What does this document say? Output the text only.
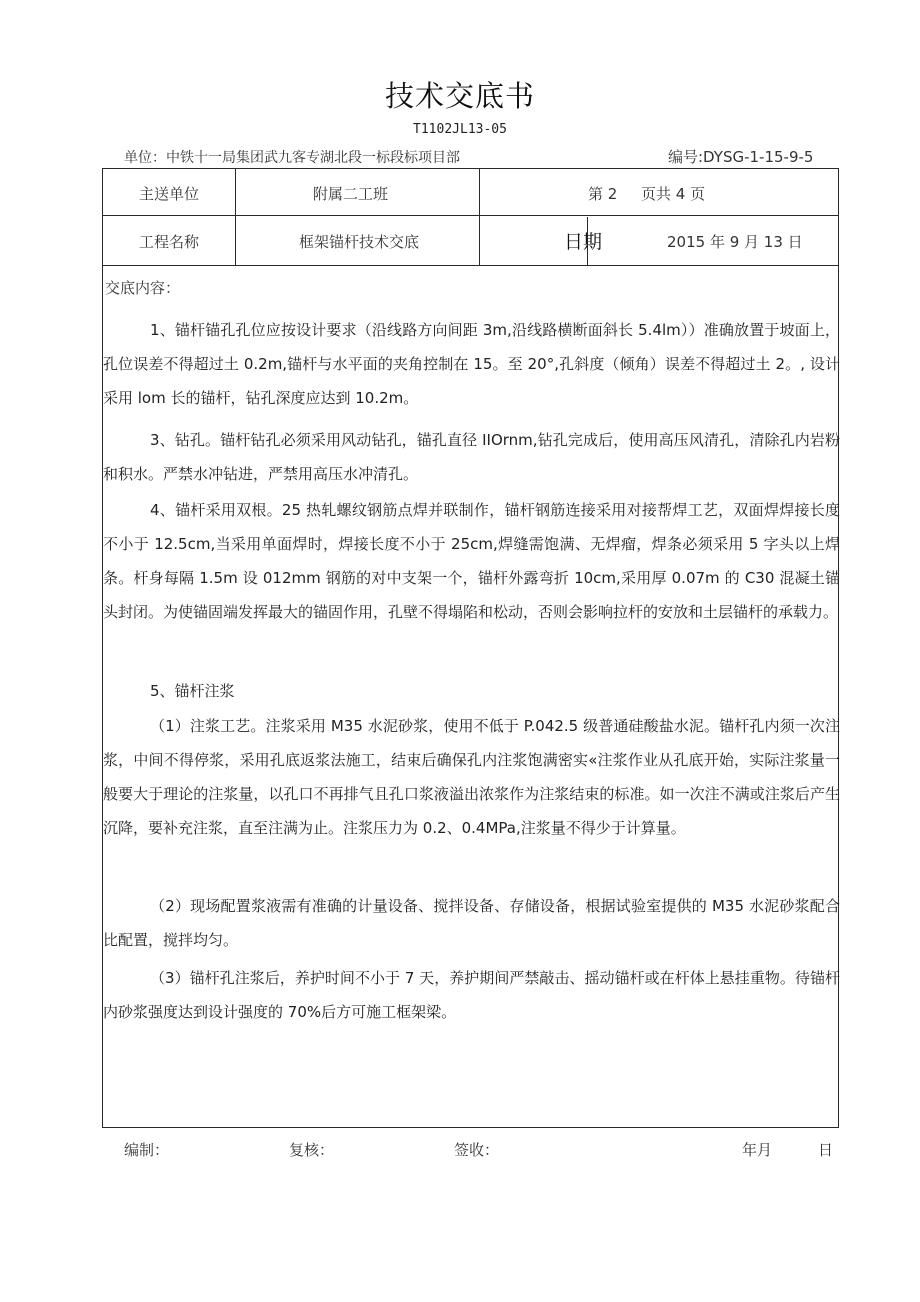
技术交底书
T1102JL13-05
单位：中铁十一局集团武九客专湖北段一标段标项目部	编号:DYSG-1-15-9-5
主送单位	附属二工班	第 2 页共 4 页
工程名称	框架锚杆技术交底	日期	2015 年 9 月 13 日
交底内容：
1、锚杆锚孔孔位应按设计要求（沿线路方向间距 3m,沿线路横断面斜长 5.4lm））准确放置于坡面上，孔位误差不得超过土 0.2m,锚杆与水平面的夹角控制在 15。至 20°,孔斜度（倾角）误差不得超过土 2。, 设计采用 lom 长的锚杆，钻孔深度应达到 10.2m。
3、钻孔。锚杆钻孔必须采用风动钻孔，锚孔直径 IIOrnm,钻孔完成后，使用高压风清孔，清除孔内岩粉和积水。严禁水冲钻进，严禁用高压水冲清孔。
4、锚杆采用双根。25 热轧螺纹钢筋点焊并联制作，锚杆钢筋连接采用对接帮焊工艺，双面焊焊接长度不小于 12.5cm,当采用单面焊时，焊接长度不小于 25cm,焊缝需饱满、无焊瘤，焊条必须采用 5 字头以上焊条。杆身每隔 1.5m 设 012mm 钢筋的对中支架一个，锚杆外露弯折 10cm,采用厚 0.07m 的 C30 混凝土锚头封闭。为使锚固端发挥最大的锚固作用，孔壁不得塌陷和松动，否则会影响拉杆的安放和土层锚杆的承载力。
5、锚杆注浆
（1）注浆工艺。注浆采用 M35 水泥砂浆，使用不低于 P.042.5 级普通硅酸盐水泥。锚杆孔内须一次注浆，中间不得停浆，采用孔底返浆法施工，结束后确保孔内注浆饱满密实«注浆作业从孔底开始，实际注浆量一般要大于理论的注浆量，以孔口不再排气且孔口浆液溢出浓浆作为注浆结束的标准。如一次注不满或注浆后产生沉降，要补充注浆，直至注满为止。注浆压力为 0.2、0.4MPa,注浆量不得少于计算量。
（2）现场配置浆液需有准确的计量设备、搅拌设备、存储设备，根据试验室提供的 M35 水泥砂浆配合比配置，搅拌均匀。
（3）锚杆孔注浆后，养护时间不小于 7 天，养护期间严禁敲击、摇动锚杆或在杆体上悬挂重物。待锚杆内砂浆强度达到设计强度的 70%后方可施工框架梁。
编制：	复核：	签收：	年月	日
